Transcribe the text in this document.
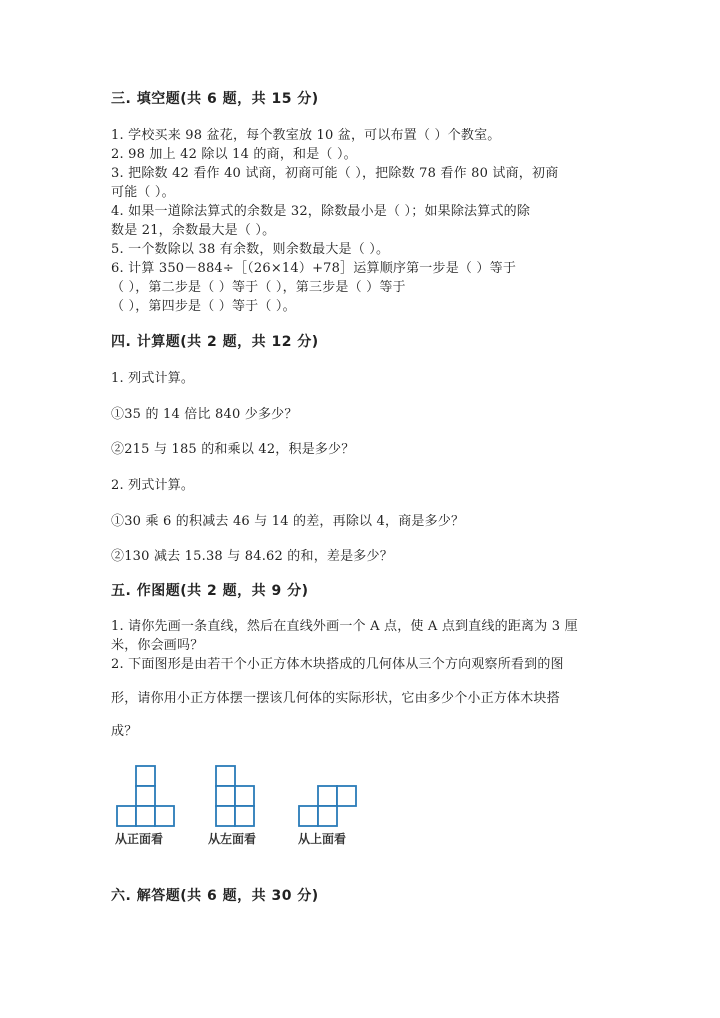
三. 填空题(共 6 题，共 15 分)
1. 学校买来 98 盆花，每个教室放 10 盆，可以布置（ ）个教室。
2. 98 加上 42 除以 14 的商，和是（ ）。
3. 把除数 42 看作 40 试商，初商可能（ ），把除数 78 看作 80 试商，初商
可能（ ）。
4. 如果一道除法算式的余数是 32，除数最小是（ ）；如果除法算式的除
数是 21，余数最大是（ ）。
5. 一个数除以 38 有余数，则余数最大是（ ）。
6. 计算 350－884÷［（26×14）+78］运算顺序第一步是（ ）等于
（ ），第二步是（ ）等于（ ），第三步是（ ）等于
（ ），第四步是（ ）等于（ ）。
四. 计算题(共 2 题，共 12 分)
1. 列式计算。
①35 的 14 倍比 840 少多少？
②215 与 185 的和乘以 42，积是多少？
2. 列式计算。
①30 乘 6 的积减去 46 与 14 的差，再除以 4，商是多少？
②130 减去 15.38 与 84.62 的和，差是多少？
五. 作图题(共 2 题，共 9 分)
1. 请你先画一条直线，然后在直线外画一个 A 点，使 A 点到直线的距离为 3 厘
米，你会画吗？
2. 下面图形是由若干个小正方体木块搭成的几何体从三个方向观察所看到的图
形，请你用小正方体摆一摆该几何体的实际形状，它由多少个小正方体木块搭
成？
从正面看	从左面看	从上面看
六. 解答题(共 6 题，共 30 分)
